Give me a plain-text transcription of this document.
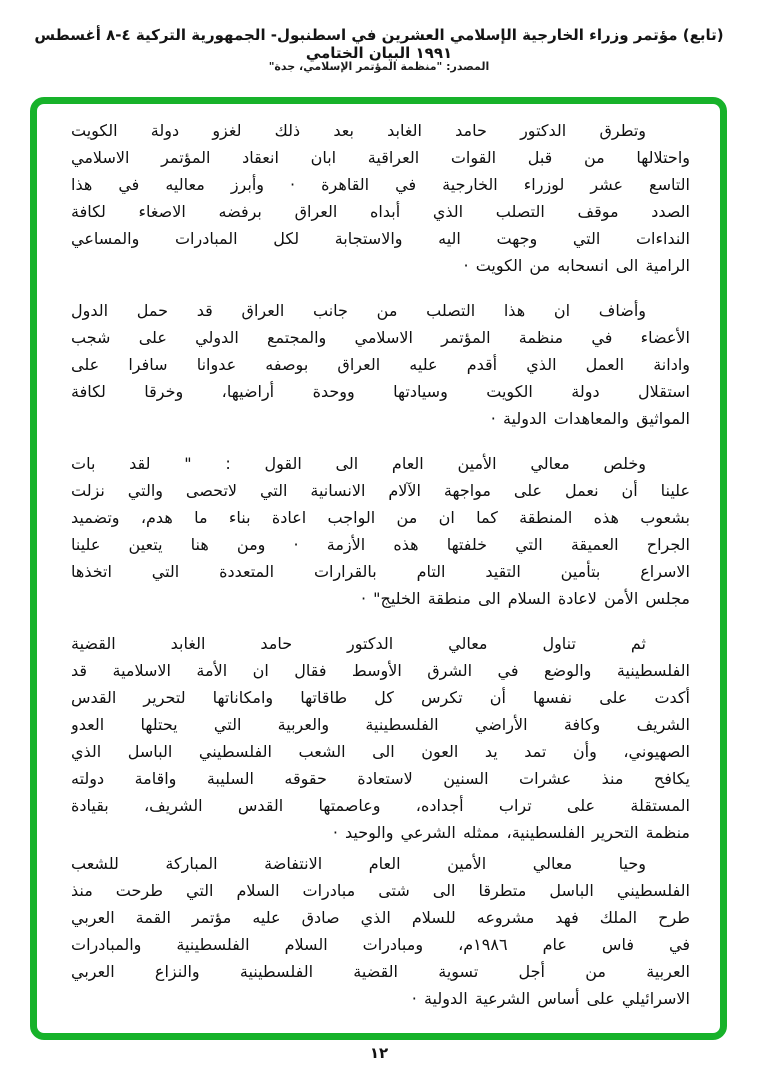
(تابع) مؤتمر وزراء الخارجية الإسلامي العشرين في اسطنبول- الجمهورية التركية ٤-٨ أغسطس ١٩٩١ البيان الختامي
المصدر: "منظمة المؤتمر الإسلامي، جدة"
وتطرق الدكتور حامد الغابد بعد ذلك لغزو دولة الكويت
واحتلالها من قبل القوات العراقية ابان انعقاد المؤتمر الاسلامي
التاسع عشر لوزراء الخارجية في القاهرة · وأبرز معاليه في هذا
الصدد موقف التصلب الذي أبداه العراق برفضه الاصغاء لكافة
النداءات التي وجهت اليه والاستجابة لكل المبادرات والمساعي
الرامية الى انسحابه من الكويت ·
وأضاف ان هذا التصلب من جانب العراق قد حمل الدول
الأعضاء في منظمة المؤتمر الاسلامي والمجتمع الدولي على شجب
وادانة العمل الذي أقدم عليه العراق بوصفه عدوانا سافرا على
استقلال دولة الكويت وسيادتها ووحدة أراضيها، وخرقا لكافة
المواثيق والمعاهدات الدولية ·
وخلص معالي الأمين العام الى القول : " لقد بات
علينا أن نعمل على مواجهة الآلام الانسانية التي لاتحصى والتي نزلت
بشعوب هذه المنطقة كما ان من الواجب اعادة بناء ما هدم، وتضميد
الجراح العميقة التي خلفتها هذه الأزمة · ومن هنا يتعين علينا
الاسراع بتأمين التقيد التام بالقرارات المتعددة التي اتخذها
مجلس الأمن لاعادة السلام الى منطقة الخليج" ·
ثم تناول معالي الدكتور حامد الغابد القضية
الفلسطينية والوضع في الشرق الأوسط فقال ان الأمة الاسلامية قد
أكدت على نفسها أن تكرس كل طاقاتها وامكاناتها لتحرير القدس
الشريف وكافة الأراضي الفلسطينية والعربية التي يحتلها العدو
الصهيوني، وأن تمد يد العون الى الشعب الفلسطيني الباسل الذي
يكافح منذ عشرات السنين لاستعادة حقوقه السليبة واقامة دولته
المستقلة على تراب أجداده، وعاصمتها القدس الشريف، بقيادة
منظمة التحرير الفلسطينية، ممثله الشرعي والوحيد ·
وحيا معالي الأمين العام الانتفاضة المباركة للشعب
الفلسطيني الباسل متطرقا الى شتى مبادرات السلام التي طرحت منذ
طرح الملك فهد مشروعه للسلام الذي صادق عليه مؤتمر القمة العربي
في فاس عام ١٩٨٦م، ومبادرات السلام الفلسطينية والمبادرات
العربية من أجل تسوية القضية الفلسطينية والنزاع العربي
الاسرائيلي على أساس الشرعية الدولية ·
١٢
